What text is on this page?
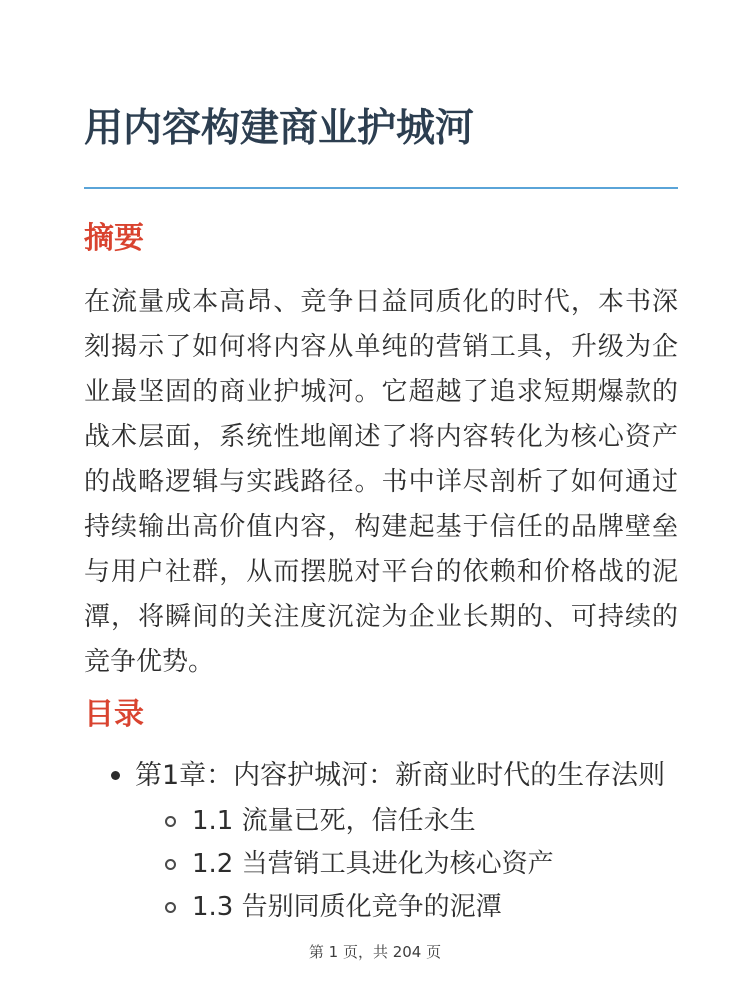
用内容构建商业护城河
摘要
在流量成本高昂、竞争日益同质化的时代，本书深
刻揭示了如何将内容从单纯的营销工具，升级为企
业最坚固的商业护城河。它超越了追求短期爆款的
战术层面，系统性地阐述了将内容转化为核心资产
的战略逻辑与实践路径。书中详尽剖析了如何通过
持续输出高价值内容，构建起基于信任的品牌壁垒
与用户社群，从而摆脱对平台的依赖和价格战的泥
潭，将瞬间的关注度沉淀为企业长期的、可持续的
竞争优势。
目录
第1章：内容护城河：新商业时代的生存法则
1.1 流量已死，信任永生
1.2 当营销工具进化为核心资产
1.3 告别同质化竞争的泥潭
第 1 页，共 204 页
